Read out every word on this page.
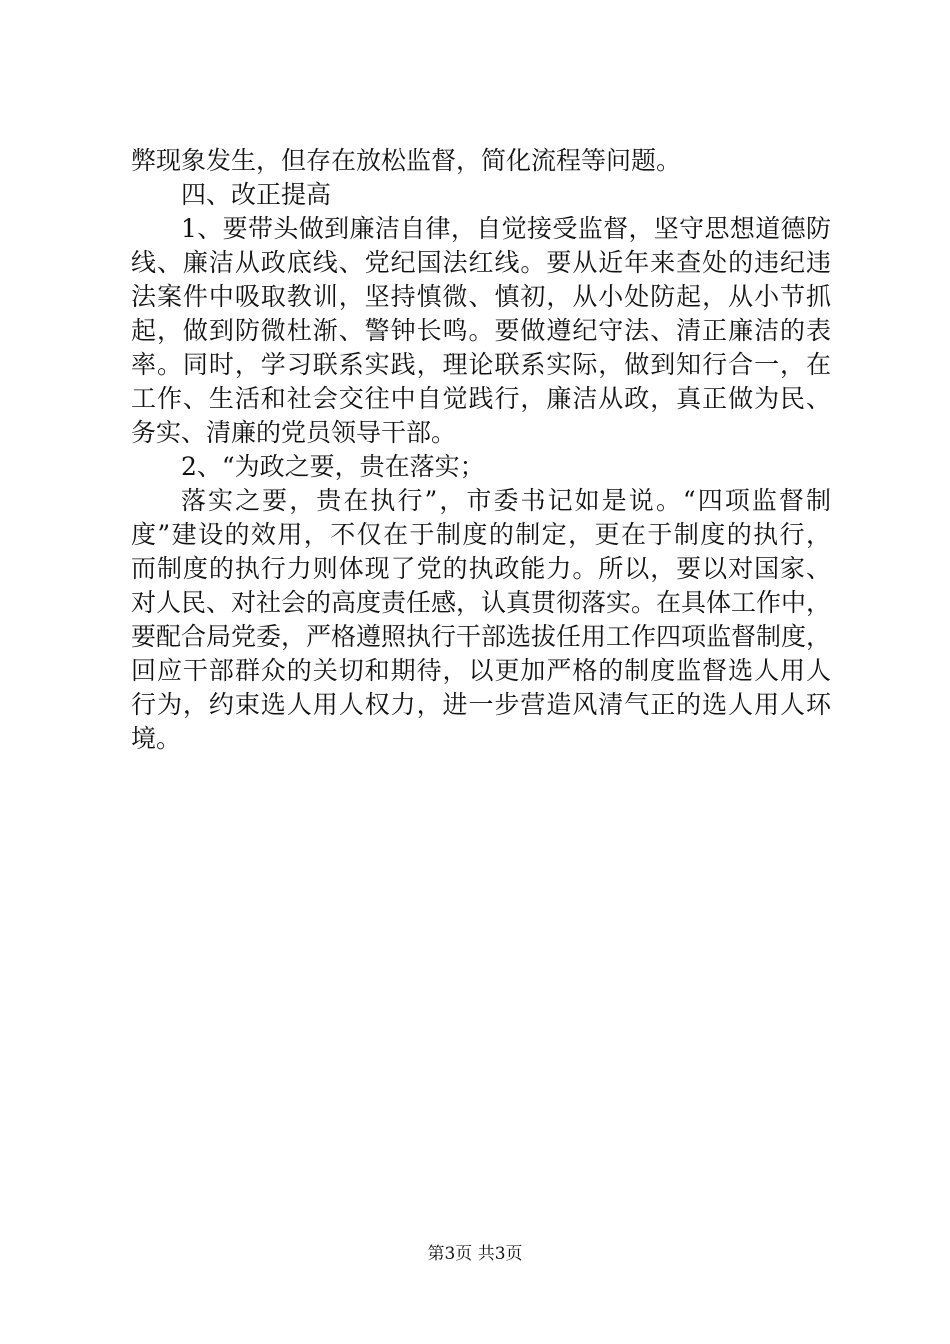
弊现象发生，但存在放松监督，简化流程等问题。
四、改正提高
1、要带头做到廉洁自律，自觉接受监督，坚守思想道德防
线、廉洁从政底线、党纪国法红线。要从近年来查处的违纪违
法案件中吸取教训，坚持慎微、慎初，从小处防起，从小节抓
起，做到防微杜渐、警钟长鸣。要做遵纪守法、清正廉洁的表
率。同时，学习联系实践，理论联系实际，做到知行合一，在
工作、生活和社会交往中自觉践行，廉洁从政，真正做为民、
务实、清廉的党员领导干部。
2、“为政之要，贵在落实；
落实之要，贵在执行”，市委书记如是说。“四项监督制
度”建设的效用，不仅在于制度的制定，更在于制度的执行，
而制度的执行力则体现了党的执政能力。所以，要以对国家、
对人民、对社会的高度责任感，认真贯彻落实。在具体工作中，
要配合局党委，严格遵照执行干部选拔任用工作四项监督制度，
回应干部群众的关切和期待，以更加严格的制度监督选人用人
行为，约束选人用人权力，进一步营造风清气正的选人用人环
境。
第3页 共3页
